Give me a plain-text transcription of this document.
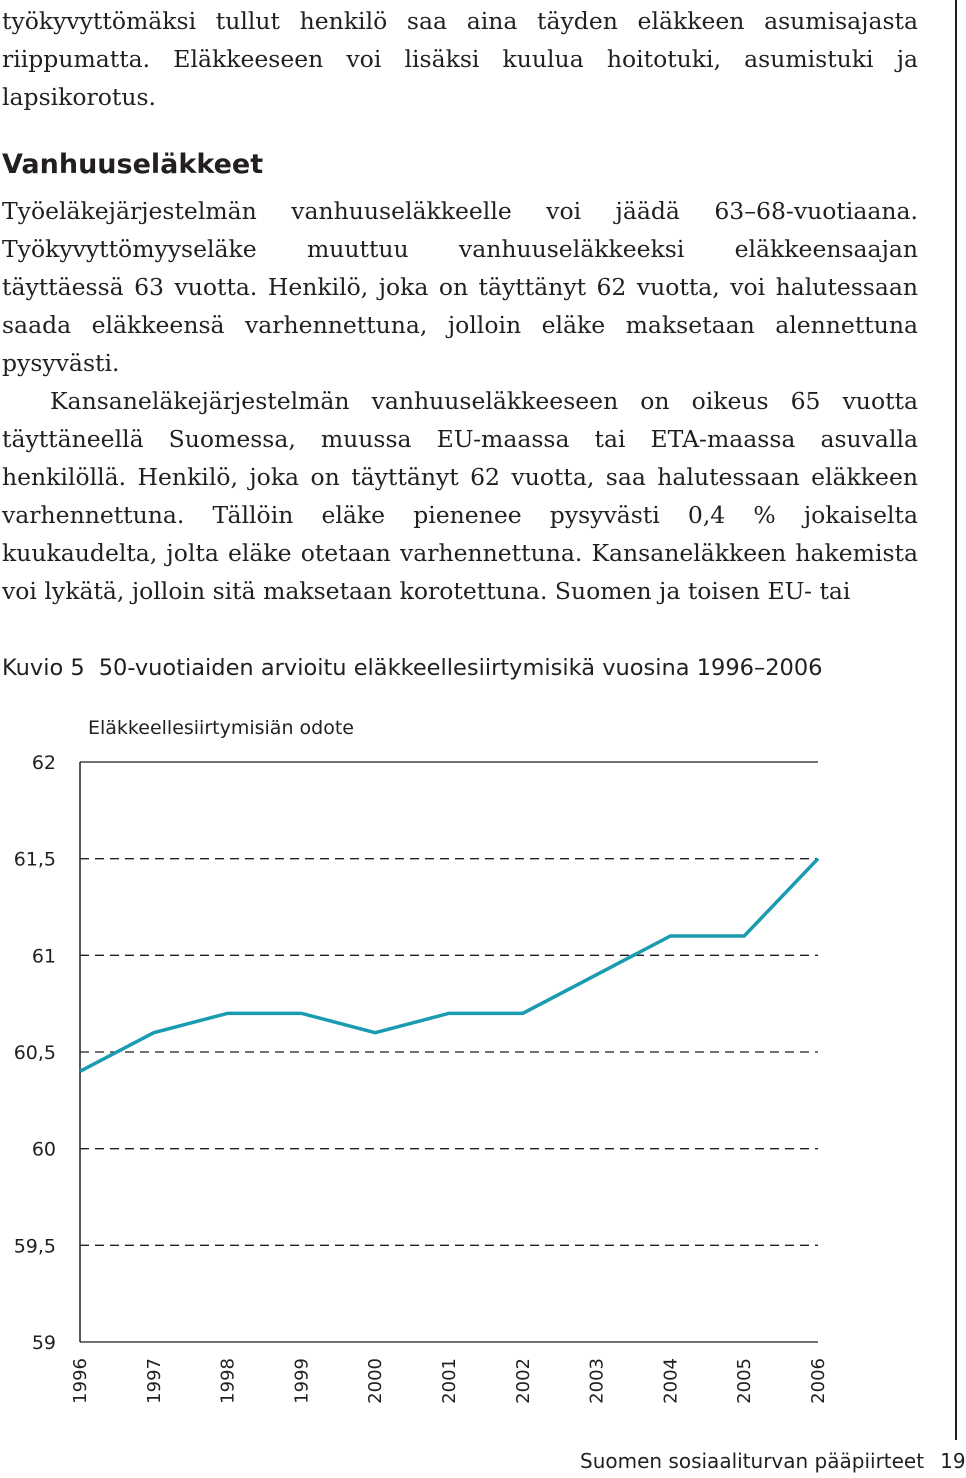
työkyvyttömäksi tullut henkilö saa aina täyden eläkkeen asumisajasta riippumatta. Eläkkeeseen voi lisäksi kuulua hoitotuki, asumistuki ja lapsikorotus.

Vanhuuseläkkeet

Työeläkejärjestelmän vanhuuseläkkeelle voi jäädä 63–68-vuotiaana. Työkyvyttömyyseläke muuttuu vanhuuseläkkeeksi eläkkeensaajan täyttäessä 63 vuotta. Henkilö, joka on täyttänyt 62 vuotta, voi halutessaan saada eläkkeensä varhennettuna, jolloin eläke maksetaan alennettuna pysyvästi.

Kansaneläkejärjestelmän vanhuuseläkkeeseen on oikeus 65 vuotta täyttäneellä Suomessa, muussa EU-maassa tai ETA-maassa asuvalla henkilöllä. Henkilö, joka on täyttänyt 62 vuotta, saa halutessaan eläkkeen varhennettuna. Tällöin eläke pienenee pysyvästi 0,4 % jokaiselta kuukaudelta, jolta eläke otetaan varhennettuna. Kansaneläkkeen hakemista voi lykätä, jolloin sitä maksetaan korotettuna. Suomen ja toisen EU- tai

Kuvio 5 50-vuotiaiden arvioitu eläkkeellesiirtymisikä vuosina 1996–2006
Eläkkeellesiirtymisiän odote
62
61,5
61
60,5
60
59,5
59
1996	1997	1998	1999	2000	2001	2002	2003	2004	2005	2006
Suomen sosiaaliturvan pääpiirteet 19
